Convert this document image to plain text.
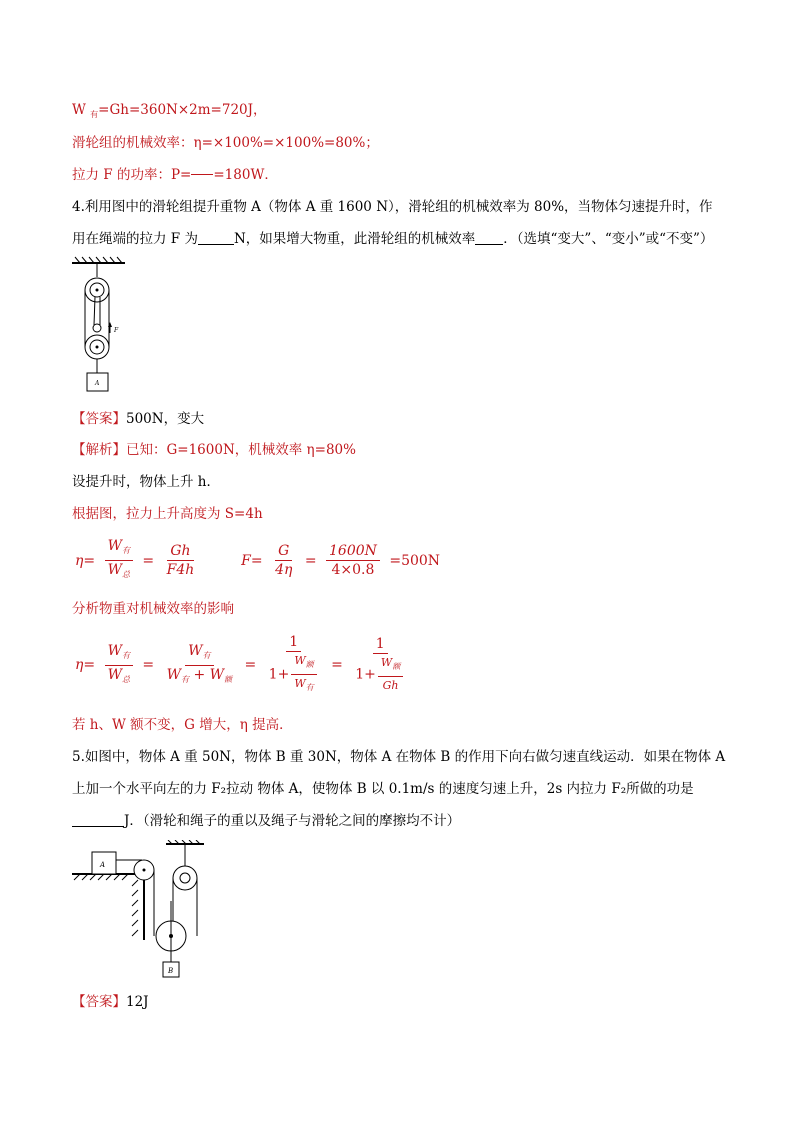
W $_有$=Gh=360N×2m=720J，
滑轮组的机械效率：η=×100%=×100%=80%；
拉力 F 的功率：P= =180W．
4.利用图中的滑轮组提升重物 A（物体 A 重 1600 N），滑轮组的机械效率为 80%，当物体匀速提升时，作
用在绳端的拉力 F 为	N，如果增大物重，此滑轮组的机械效率 ．（选填“变大”、“变小”或“不变”）
F
A
【答案】500N，变大
【解析】已知：G=1600N，机械效率 η=80%
设提升时，物体上升 h．
根据图，拉力上升高度为 S=4h
$\eta= \frac{W_有}{W_总} = \frac{Gh}{F4h}$	$F= \frac{G}{4\eta} = \frac{1600N}{4\times 0.8} =500N$
分析物重对机械效率的影响
$\eta= \frac{W_有}{W_总} = \frac{W_有}{W_有 + W_额} = \frac{1}{1+ \frac{W_额}{W_有}} = \frac{1}{1+ \frac{W_额}{Gh}}$
若 h、W 额不变，G 增大，η 提高．
5.如图中，物体 A 重 50N，物体 B 重 30N，物体 A 在物体 B 的作用下向右做匀速直线运动．如果在物体 A
上加一个水平向左的力 F₂拉动 物体 A，使物体 B 以 0.1m/s 的速度匀速上升，2s 内拉力 F₂所做的功是
J．（滑轮和绳子的重以及绳子与滑轮之间的摩擦均不计）
A
B
【答案】12J
